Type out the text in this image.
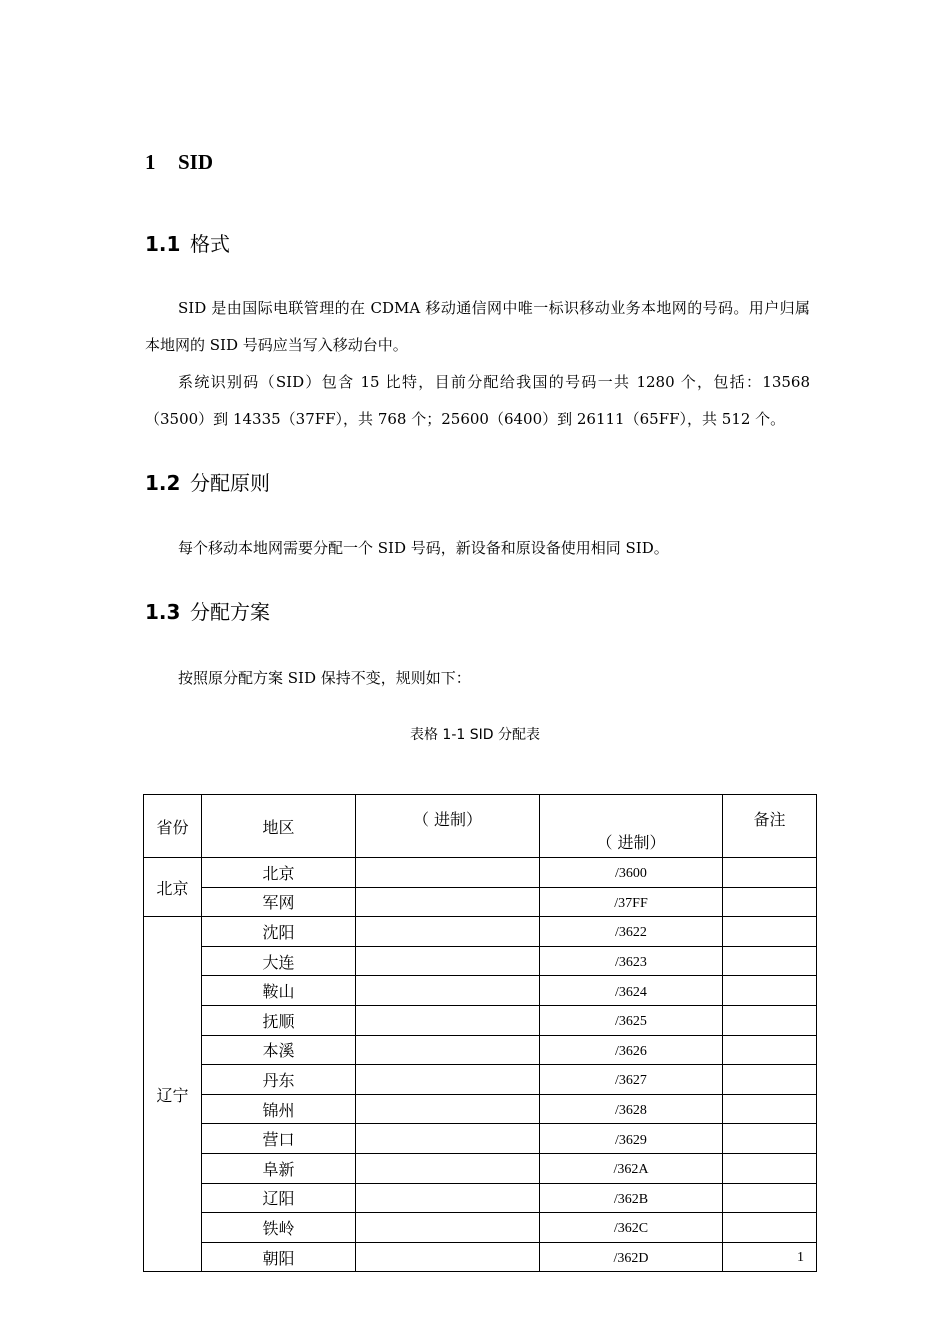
1 SID
1.1 格式

SID 是由国际电联管理的在 CDMA 移动通信网中唯一标识移动业务本地网的号码。用户归属本地网的 SID 号码应当写入移动台中。

系统识别码（SID）包含 15 比特，目前分配给我国的号码一共 1280 个，包括：13568（3500）到 14335（37FF），共 768 个；25600（6400）到 26111（65FF），共 512 个。

1.2 分配原则

每个移动本地网需要分配一个 SID 号码，新设备和原设备使用相同 SID。

1.3 分配方案

按照原分配方案 SID 保持不变，规则如下：

表格 1-1 SID 分配表
省份	地区	（ 进制）	（ 进制）	备注
北京	北京		/3600	
	军网		/37FF	
辽宁	沈阳		/3622	
	大连		/3623	
	鞍山		/3624	
	抚顺		/3625	
	本溪		/3626	
	丹东		/3627	
	锦州		/3628	
	营口		/3629	
	阜新		/362A	
	辽阳		/362B	
	铁岭		/362C	
	朝阳		/362D		1
